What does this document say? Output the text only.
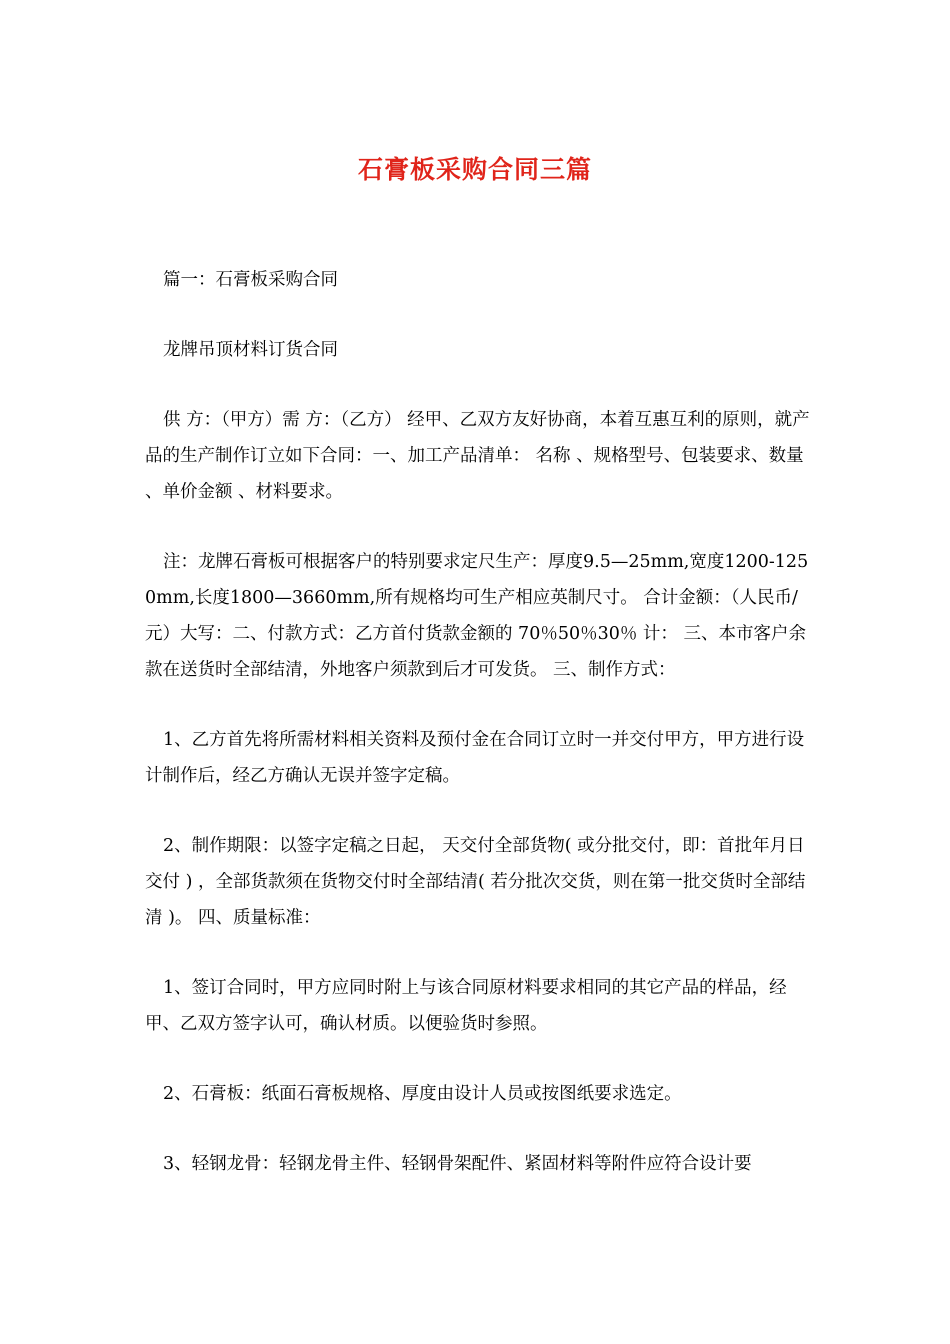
石膏板采购合同三篇

篇一：石膏板采购合同

龙牌吊顶材料订货合同

供 方：（甲方）需 方：（乙方） 经甲、乙双方友好协商，本着互惠互利的原则，就产品的生产制作订立如下合同：一、加工产品清单： 名称 、规格型号、包装要求、数量 、单价金额 、材料要求。

注：龙牌石膏板可根据客户的特别要求定尺生产：厚度9.5—25mm,宽度1200-1250mm,长度1800—3660mm,所有规格均可生产相应英制尺寸。 合计金额：（人民币/元）大写：二、付款方式：乙方首付货款金额的 70％50％30％ 计： 三、本市客户余款在送货时全部结清，外地客户须款到后才可发货。 三、制作方式：

1、乙方首先将所需材料相关资料及预付金在合同订立时一并交付甲方，甲方进行设计制作后，经乙方确认无误并签字定稿。

2、制作期限：以签字定稿之日起， 天交付全部货物( 或分批交付，即：首批年月日交付 ) ，全部货款须在货物交付时全部结清( 若分批次交货，则在第一批交货时全部结清 )。 四、质量标准：

1、签订合同时，甲方应同时附上与该合同原材料要求相同的其它产品的样品，经甲、乙双方签字认可，确认材质。以便验货时参照。

2、石膏板：纸面石膏板规格、厚度由设计人员或按图纸要求选定。

3、轻钢龙骨：轻钢龙骨主件、轻钢骨架配件、紧固材料等附件应符合设计要
